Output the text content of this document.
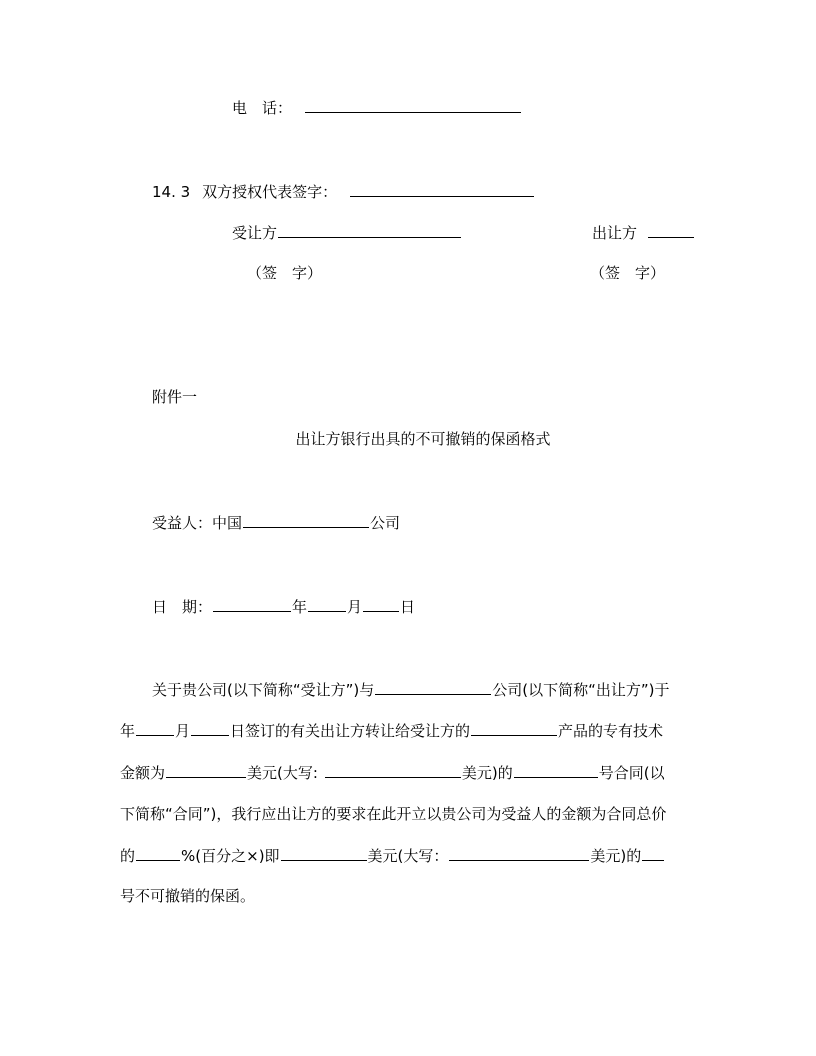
电　话：
14. 3 双方授权代表签字：
受让方	出让方
（签　字）	（签　字）
附件一
出让方银行出具的不可撤销的保函格式
受益人：中国	公司
日　期：	年	月	日
关于贵公司(以下简称“受让方”)与	公司(以下简称“出让方”)于
年	月	日签订的有关出让方转让给受让方的	产品的专有技术
金额为	美元(大写:	美元)的	号合同(以
下简称“合同”)，我行应出让方的要求在此开立以贵公司为受益人的金额为合同总价
的	%(百分之×)即	美元(大写：	美元)的
号不可撤销的保函。
